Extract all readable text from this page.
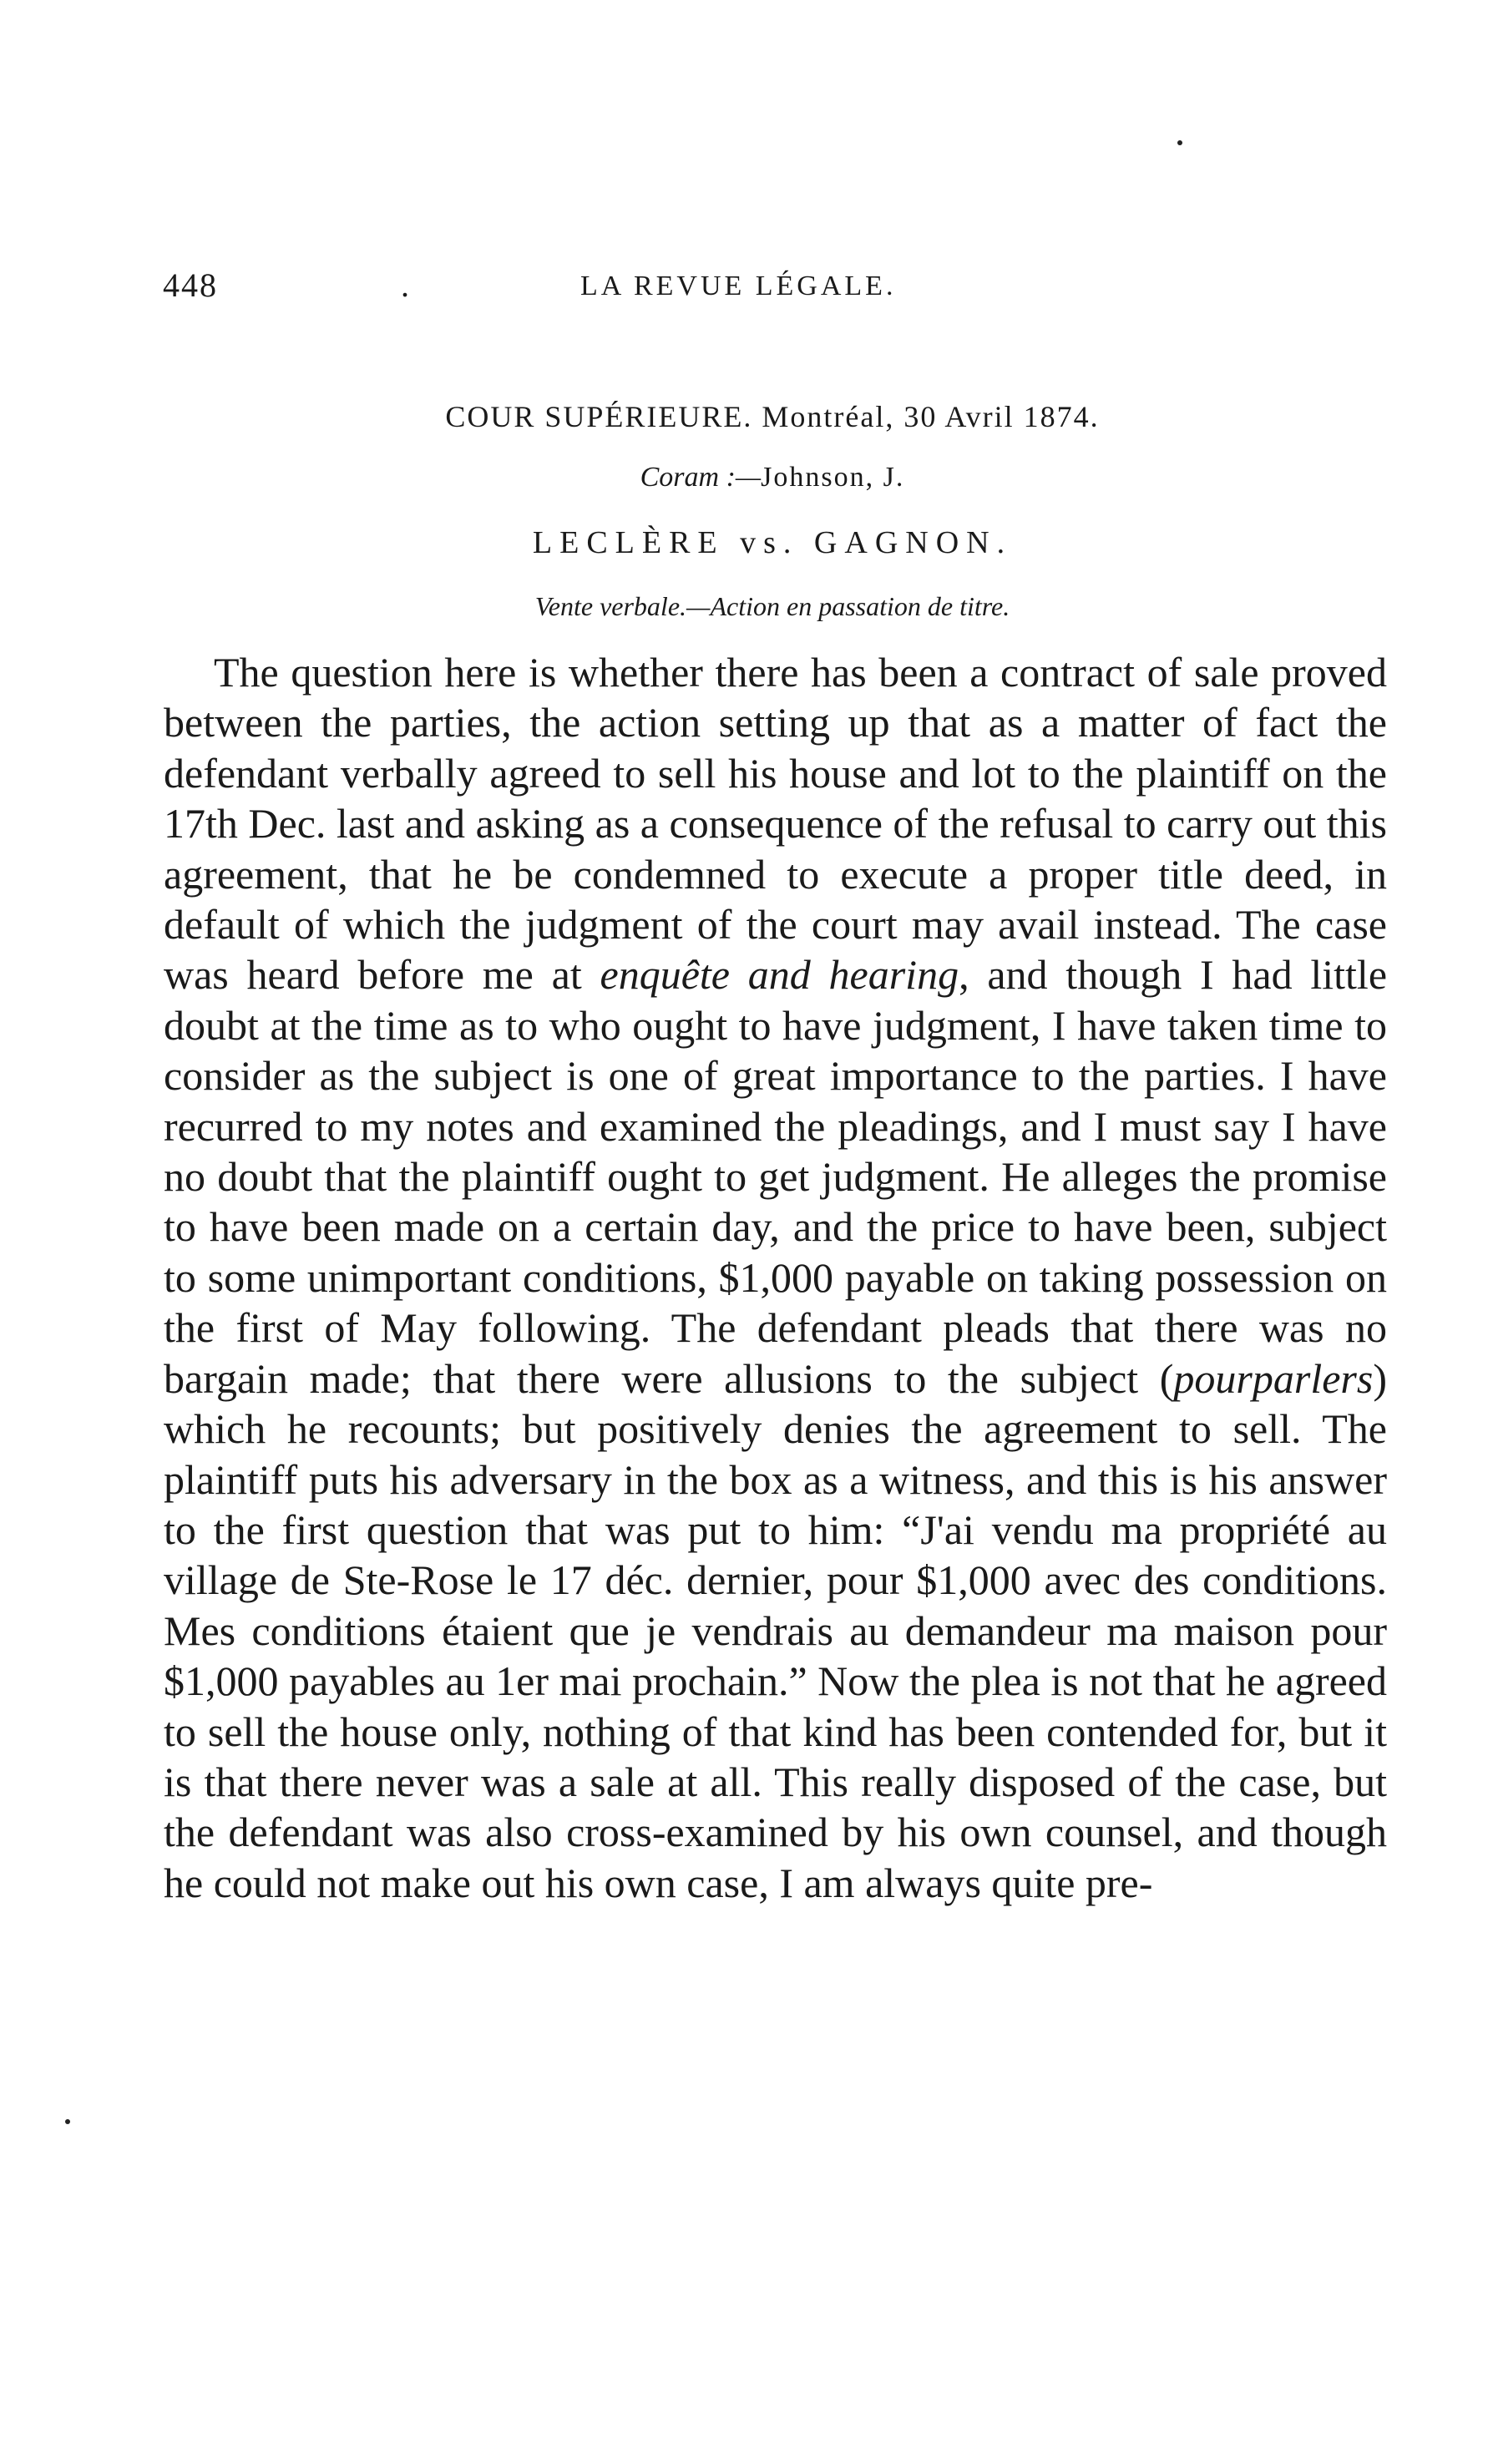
448	.	LA REVUE LÉGALE.
COUR SUPÉRIEURE. Montréal, 30 Avril 1874.
Coram :—Johnson, J.
LECLÈRE vs. GAGNON.
Vente verbale.—Action en passation de titre.

The question here is whether there has been a contract of sale proved between the parties, the action setting up that as a matter of fact the defendant verbally agreed to sell his house and lot to the plaintiff on the 17th Dec. last and asking as a consequence of the refusal to carry out this agreement, that he be condemned to execute a proper title deed, in default of which the judgment of the court may avail instead. The case was heard before me at enquête and hearing, and though I had little doubt at the time as to who ought to have judgment, I have taken time to consider as the subject is one of great importance to the parties. I have recurred to my notes and examined the pleadings, and I must say I have no doubt that the plaintiff ought to get judgment. He alleges the promise to have been made on a certain day, and the price to have been, subject to some unimportant conditions, $1,000 payable on taking possession on the first of May following. The defendant pleads that there was no bargain made; that there were allusions to the subject (pourparlers) which he recounts; but positively denies the agreement to sell. The plaintiff puts his adversary in the box as a witness, and this is his answer to the first question that was put to him: “J'ai vendu ma propriété au village de Ste-Rose le 17 déc. dernier, pour $1,000 avec des conditions. Mes conditions étaient que je vendrais au demandeur ma maison pour $1,000 payables au 1er mai prochain.” Now the plea is not that he agreed to sell the house only, nothing of that kind has been contended for, but it is that there never was a sale at all. This really disposed of the case, but the defendant was also cross-examined by his own counsel, and though he could not make out his own case, I am always quite pre-
